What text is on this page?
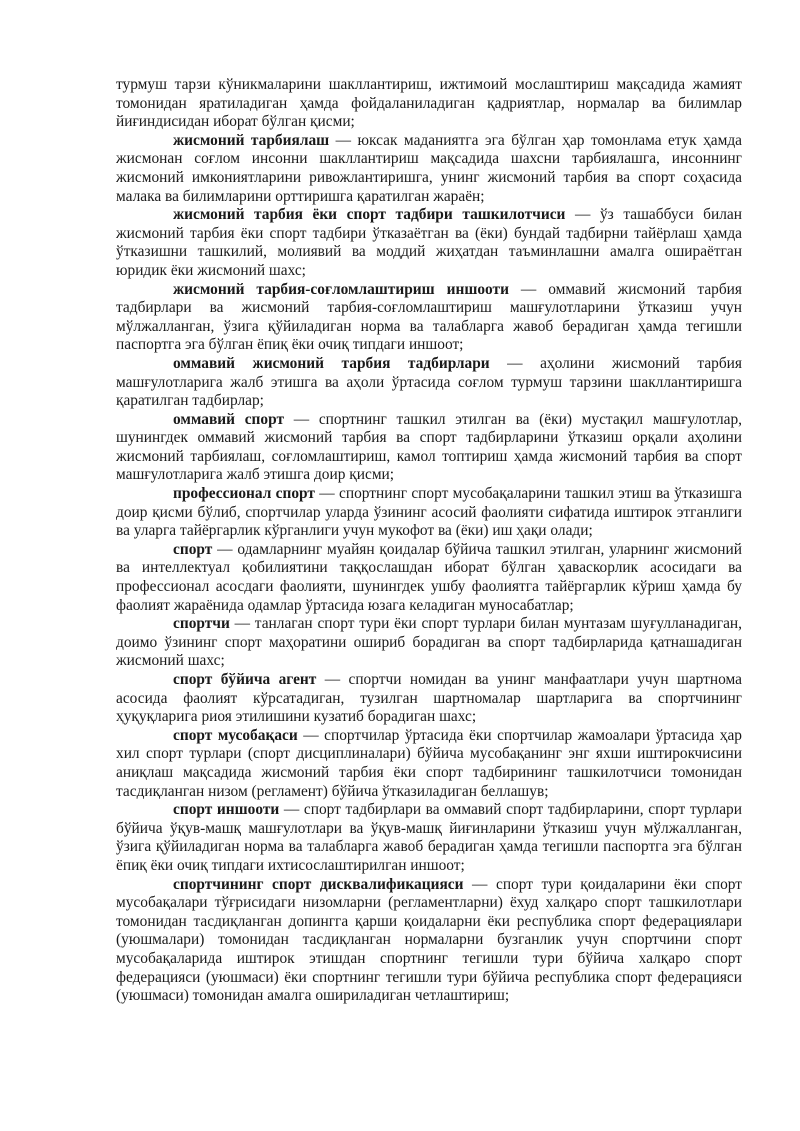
турмуш тарзи кўникмаларини шакллантириш, ижтимоий мослаштириш мақсадида жамият томонидан яратиладиган ҳамда фойдаланиладиган қадриятлар, нормалар ва билимлар йиғиндисидан иборат бўлган қисми;

жисмоний тарбиялаш — юксак маданиятга эга бўлган ҳар томонлама етук ҳамда жисмонан соғлом инсонни шакллантириш мақсадида шахсни тарбиялашга, инсоннинг жисмоний имкониятларини ривожлантиришга, унинг жисмоний тарбия ва спорт соҳасида малака ва билимларини орттиришга қаратилган жараён;

жисмоний тарбия ёки спорт тадбири ташкилотчиси — ўз ташаббуси билан жисмоний тарбия ёки спорт тадбири ўтказаётган ва (ёки) бундай тадбирни тайёрлаш ҳамда ўтказишни ташкилий, молиявий ва моддий жиҳатдан таъминлашни амалга ошираётган юридик ёки жисмоний шахс;

жисмоний тарбия-соғломлаштириш иншооти — оммавий жисмоний тарбия тадбирлари ва жисмоний тарбия-соғломлаштириш машғулотларини ўтказиш учун мўлжалланган, ўзига қўйиладиган норма ва талабларга жавоб берадиган ҳамда тегишли паспортга эга бўлган ёпиқ ёки очиқ типдаги иншоот;

оммавий жисмоний тарбия тадбирлари — аҳолини жисмоний тарбия машғулотларига жалб этишга ва аҳоли ўртасида соғлом турмуш тарзини шакллантиришга қаратилган тадбирлар;

оммавий спорт — спортнинг ташкил этилган ва (ёки) мустақил машғулотлар, шунингдек оммавий жисмоний тарбия ва спорт тадбирларини ўтказиш орқали аҳолини жисмоний тарбиялаш, соғломлаштириш, камол топтириш ҳамда жисмоний тарбия ва спорт машғулотларига жалб этишга доир қисми;

профессионал спорт — спортнинг спорт мусобақаларини ташкил этиш ва ўтказишга доир қисми бўлиб, спортчилар уларда ўзининг асосий фаолияти сифатида иштирок этганлиги ва уларга тайёргарлик кўрганлиги учун мукофот ва (ёки) иш ҳақи олади;

спорт — одамларнинг муайян қоидалар бўйича ташкил этилган, уларнинг жисмоний ва интеллектуал қобилиятини таққослашдан иборат бўлган ҳаваскорлик асосидаги ва профессионал асосдаги фаолияти, шунингдек ушбу фаолиятга тайёргарлик кўриш ҳамда бу фаолият жараёнида одамлар ўртасида юзага келадиган муносабатлар;

спортчи — танлаган спорт тури ёки спорт турлари билан мунтазам шуғулланадиган, доимо ўзининг спорт маҳоратини ошириб борадиган ва спорт тадбирларида қатнашадиган жисмоний шахс;

спорт бўйича агент — спортчи номидан ва унинг манфаатлари учун шартнома асосида фаолият кўрсатадиган, тузилган шартномалар шартларига ва спортчининг ҳуқуқларига риоя этилишини кузатиб борадиган шахс;

спорт мусобақаси — спортчилар ўртасида ёки спортчилар жамоалари ўртасида ҳар хил спорт турлари (спорт дисциплиналари) бўйича мусобақанинг энг яхши иштирокчисини аниқлаш мақсадида жисмоний тарбия ёки спорт тадбирининг ташкилотчиси томонидан тасдиқланган низом (регламент) бўйича ўтказиладиган беллашув;

спорт иншооти — спорт тадбирлари ва оммавий спорт тадбирларини, спорт турлари бўйича ўқув-машқ машғулотлари ва ўқув-машқ йиғинларини ўтказиш учун мўлжалланган, ўзига қўйиладиган норма ва талабларга жавоб берадиган ҳамда тегишли паспортга эга бўлган ёпиқ ёки очиқ типдаги ихтисослаштирилган иншоот;

спортчининг спорт дисквалификацияси — спорт тури қоидаларини ёки спорт мусобақалари тўғрисидаги низомларни (регламентларни) ёхуд халқаро спорт ташкилотлари томонидан тасдиқланган допингга қарши қоидаларни ёки республика спорт федерациялари (уюшмалари) томонидан тасдиқланган нормаларни бузганлик учун спортчини спорт мусобақаларида иштирок этишдан спортнинг тегишли тури бўйича халқаро спорт федерацияси (уюшмаси) ёки спортнинг тегишли тури бўйича республика спорт федерацияси (уюшмаси) томонидан амалга ошириладиган четлаштириш;
